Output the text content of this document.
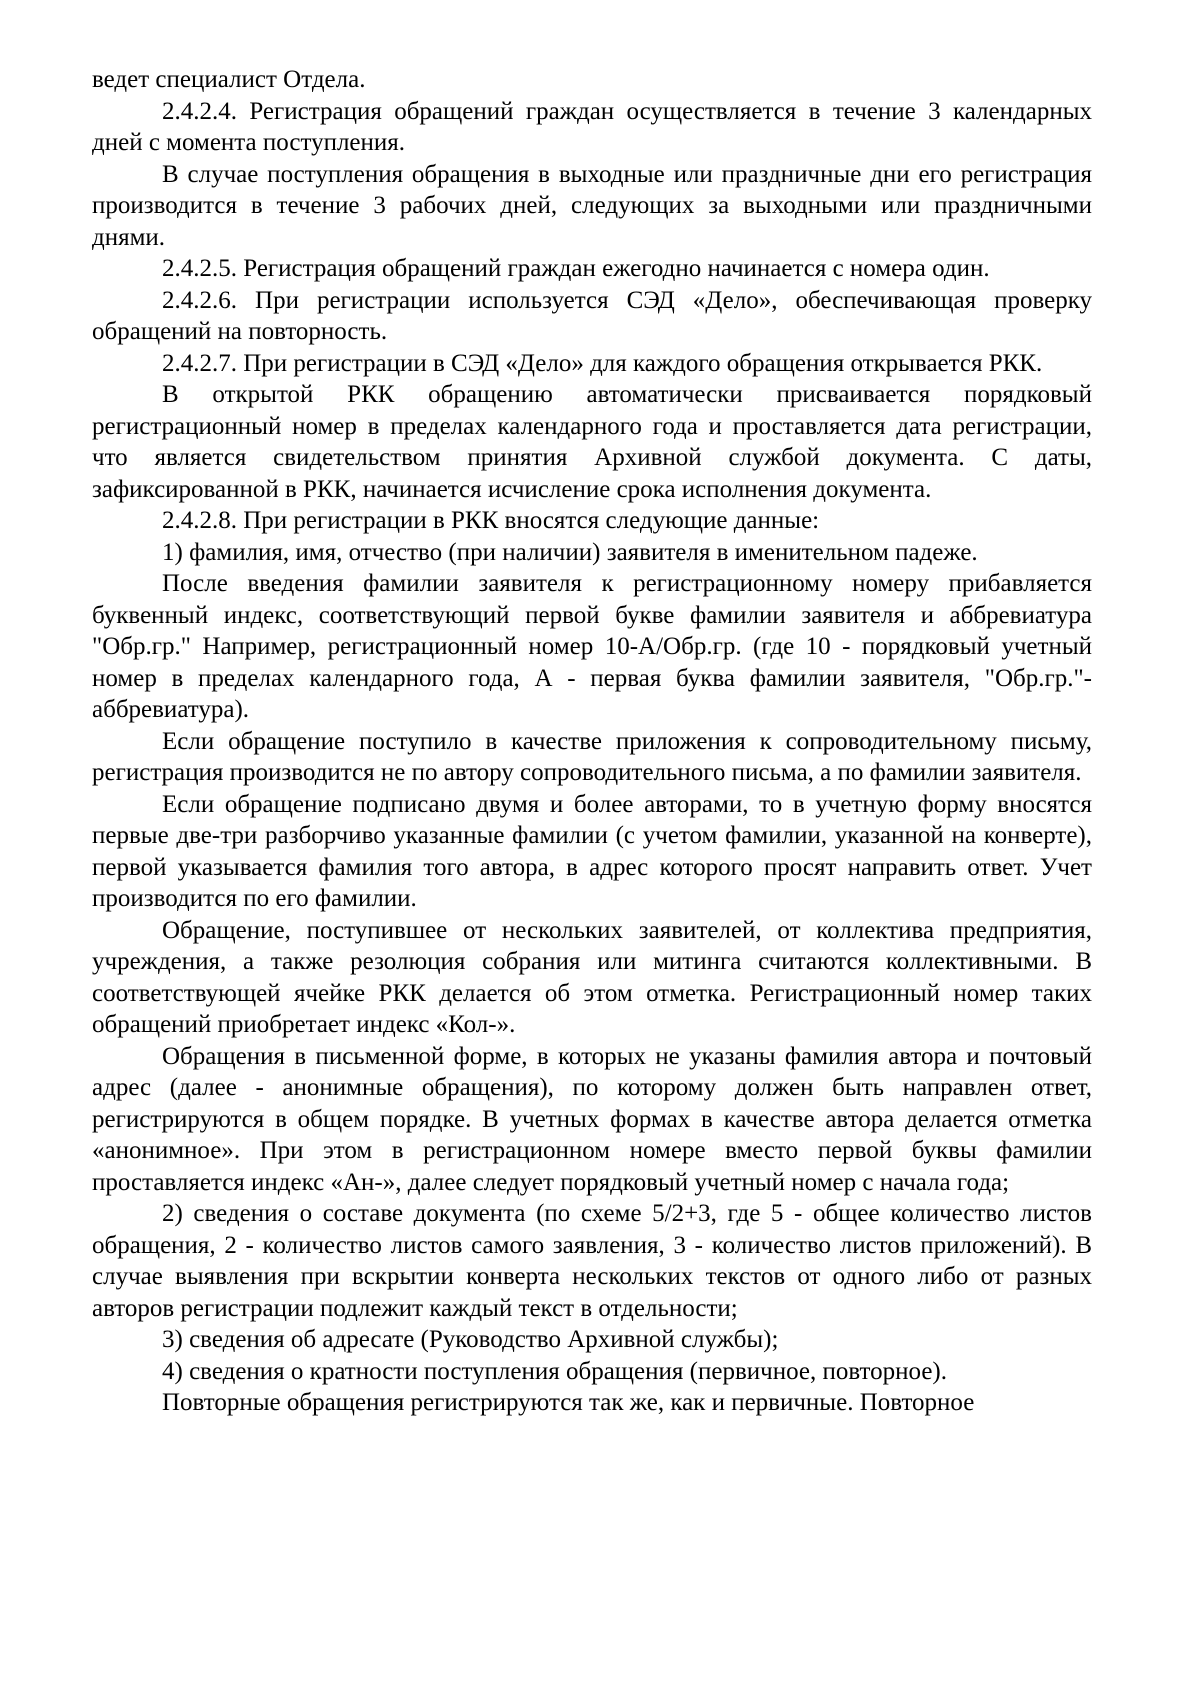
ведет специалист Отдела.

2.4.2.4. Регистрация обращений граждан осуществляется в течение 3 календарных дней с момента поступления.

В случае поступления обращения в выходные или праздничные дни его регистрация производится в течение 3 рабочих дней, следующих за выходными или праздничными днями.

2.4.2.5. Регистрация обращений граждан ежегодно начинается с номера один.

2.4.2.6. При регистрации используется СЭД «Дело», обеспечивающая проверку обращений на повторность.

2.4.2.7. При регистрации в СЭД «Дело» для каждого обращения открывается РКК.

В открытой РКК обращению автоматически присваивается порядковый регистрационный номер в пределах календарного года и проставляется дата регистрации, что является свидетельством принятия Архивной службой документа. С даты, зафиксированной в РКК, начинается исчисление срока исполнения документа.

2.4.2.8. При регистрации в РКК вносятся следующие данные:

1) фамилия, имя, отчество (при наличии) заявителя в именительном падеже.

После введения фамилии заявителя к регистрационному номеру прибавляется буквенный индекс, соответствующий первой букве фамилии заявителя и аббревиатура "Обр.гр." Например, регистрационный номер 10-А/Обр.гр. (где 10 - порядковый учетный номер в пределах календарного года, А - первая буква фамилии заявителя, "Обр.гр."- аббревиатура).

Если обращение поступило в качестве приложения к сопроводительному письму, регистрация производится не по автору сопроводительного письма, а по фамилии заявителя.

Если обращение подписано двумя и более авторами, то в учетную форму вносятся первые две-три разборчиво указанные фамилии (с учетом фамилии, указанной на конверте), первой указывается фамилия того автора, в адрес которого просят направить ответ. Учет производится по его фамилии.

Обращение, поступившее от нескольких заявителей, от коллектива предприятия, учреждения, а также резолюция собрания или митинга считаются коллективными. В соответствующей ячейке РКК делается об этом отметка. Регистрационный номер таких обращений приобретает индекс «Кол-».

Обращения в письменной форме, в которых не указаны фамилия автора и почтовый адрес (далее - анонимные обращения), по которому должен быть направлен ответ, регистрируются в общем порядке. В учетных формах в качестве автора делается отметка «анонимное». При этом в регистрационном номере вместо первой буквы фамилии проставляется индекс «Ан-», далее следует порядковый учетный номер с начала года;

2) сведения о составе документа (по схеме 5/2+3, где 5 - общее количество листов обращения, 2 - количество листов самого заявления, 3 - количество листов приложений). В случае выявления при вскрытии конверта нескольких текстов от одного либо от разных авторов регистрации подлежит каждый текст в отдельности;

3) сведения об адресате (Руководство Архивной службы);

4) сведения о кратности поступления обращения (первичное, повторное).

Повторные обращения регистрируются так же, как и первичные. Повторное
